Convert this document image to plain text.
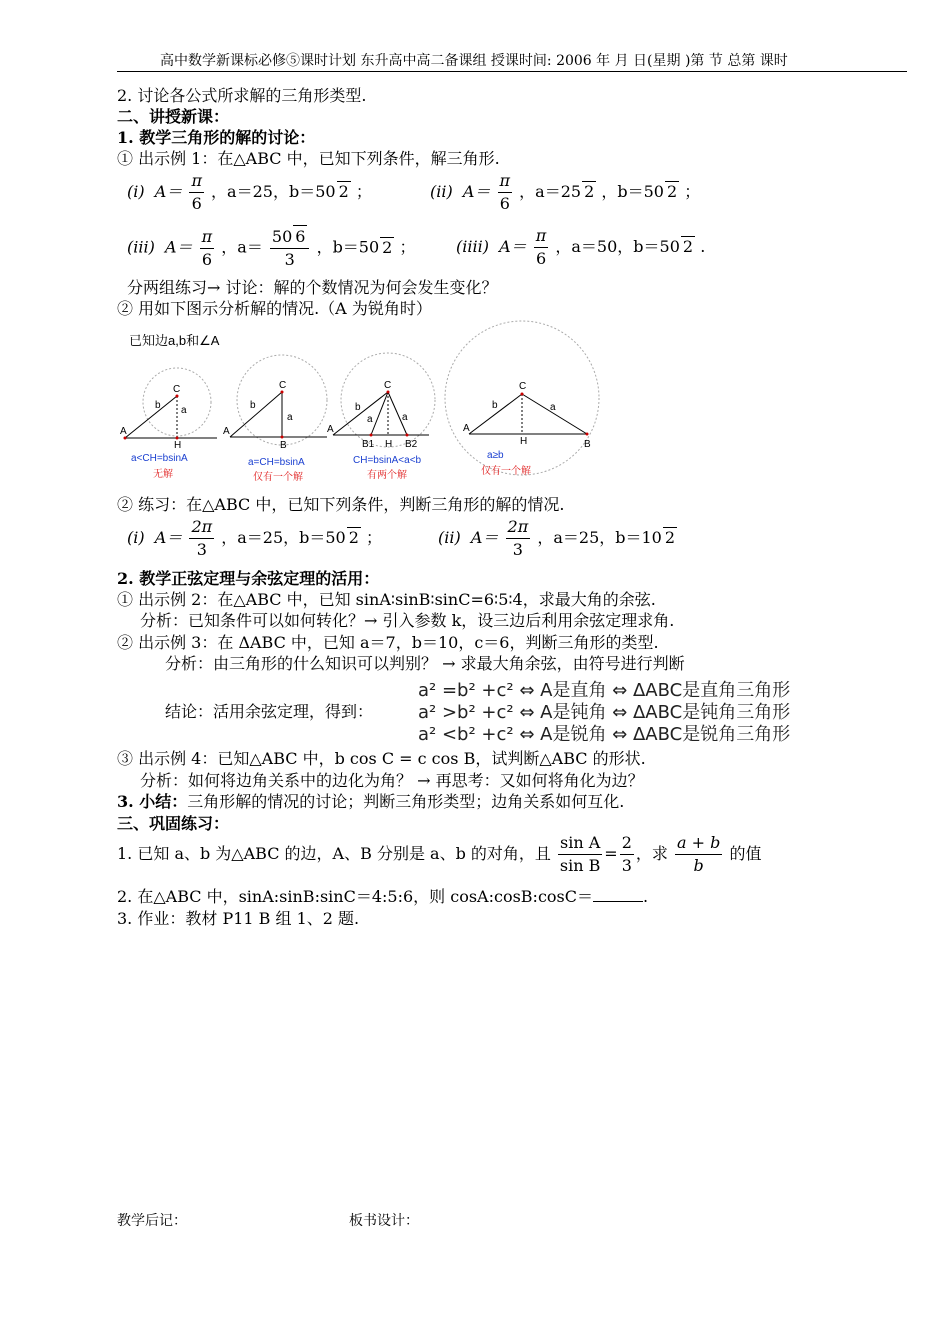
高中数学新课标必修⑤课时计划 东升高中高二备课组 授课时间: 2006 年 月 日(星期 )第 节 总第 课时
2. 讨论各公式所求解的三角形类型.
二、讲授新课：
1. 教学三角形的解的讨论：
① 出示例 1：在△ABC 中，已知下列条件，解三角形.
(i) $A= \frac{\pi}{6}$ ，a＝25，b＝50 2 ；	(ii) $A= \frac{\pi}{6}$ ，a＝25 2 ，b＝50 2 ；
(iii) $A= \frac{\pi}{6}$ ，$a= \frac{50 6}{3}$ ，b＝50 2 ；	(iiii) $A= \frac{\pi}{6}$ ，a＝50，b＝50 2 .
分两组练习→ 讨论：解的个数情况为何会发生变化？
② 用如下图示分析解的情况.（A 为锐角时）
已知边a,b和∠A
C
A
H
b a
a<CH=bsinA
无解
C
A
B
b
a
a=CH=bsinA
仅有一个解
C
A
b
a	a
B1 H B2
CH=bsinA<a<b
有两个解
C
A
H	B
b	a
a≥b
仅有一个解
② 练习：在△ABC 中，已知下列条件，判断三角形的解的情况.
(i) $A= \frac{2\pi}{3}$ ，a＝25，b＝50 2 ；	(ii) $A= \frac{2\pi}{3}$ ，a＝25，b＝10 2
2. 教学正弦定理与余弦定理的活用：
① 出示例 2：在△ABC 中，已知 sinA∶sinB∶sinC=6∶5∶4，求最大角的余弦.
分析：已知条件可以如何转化？→ 引入参数 k，设三边后利用余弦定理求角.
② 出示例 3：在 ΔABC 中，已知 a＝7，b＝10，c＝6，判断三角形的类型.
分析：由三角形的什么知识可以判别？ → 求最大角余弦，由符号进行判断
a² =b² +c² ⇔ A是直角 ⇔ ΔABC是直角三角形
结论：活用余弦定理，得到： a² >b² +c² ⇔ A是钝角 ⇔ ΔABC是钝角三角形
a² <b² +c² ⇔ A是锐角 ⇔ ΔABC是锐角三角形
③ 出示例 4：已知△ABC 中，b cos C = c cos B，试判断△ABC 的形状.
分析：如何将边角关系中的边化为角？ → 再思考：又如何将角化为边？
3. 小结：三角形解的情况的讨论；判断三角形类型；边角关系如何互化.
三、巩固练习：
1. 已知 a、b 为△ABC 的边，A、B 分别是 a、b 的对角，且 $\frac{\text{sin A}}{\text{sin B}} = \frac{2}{3}$ ，求 $\frac{a + b}{b}$ 的值
2. 在△ABC 中，sinA:sinB:sinC＝4:5:6，则 cosA:cosB:cosC＝	.
3. 作业：教材 P11 B 组 1、2 题.
教学后记：	板书设计：
